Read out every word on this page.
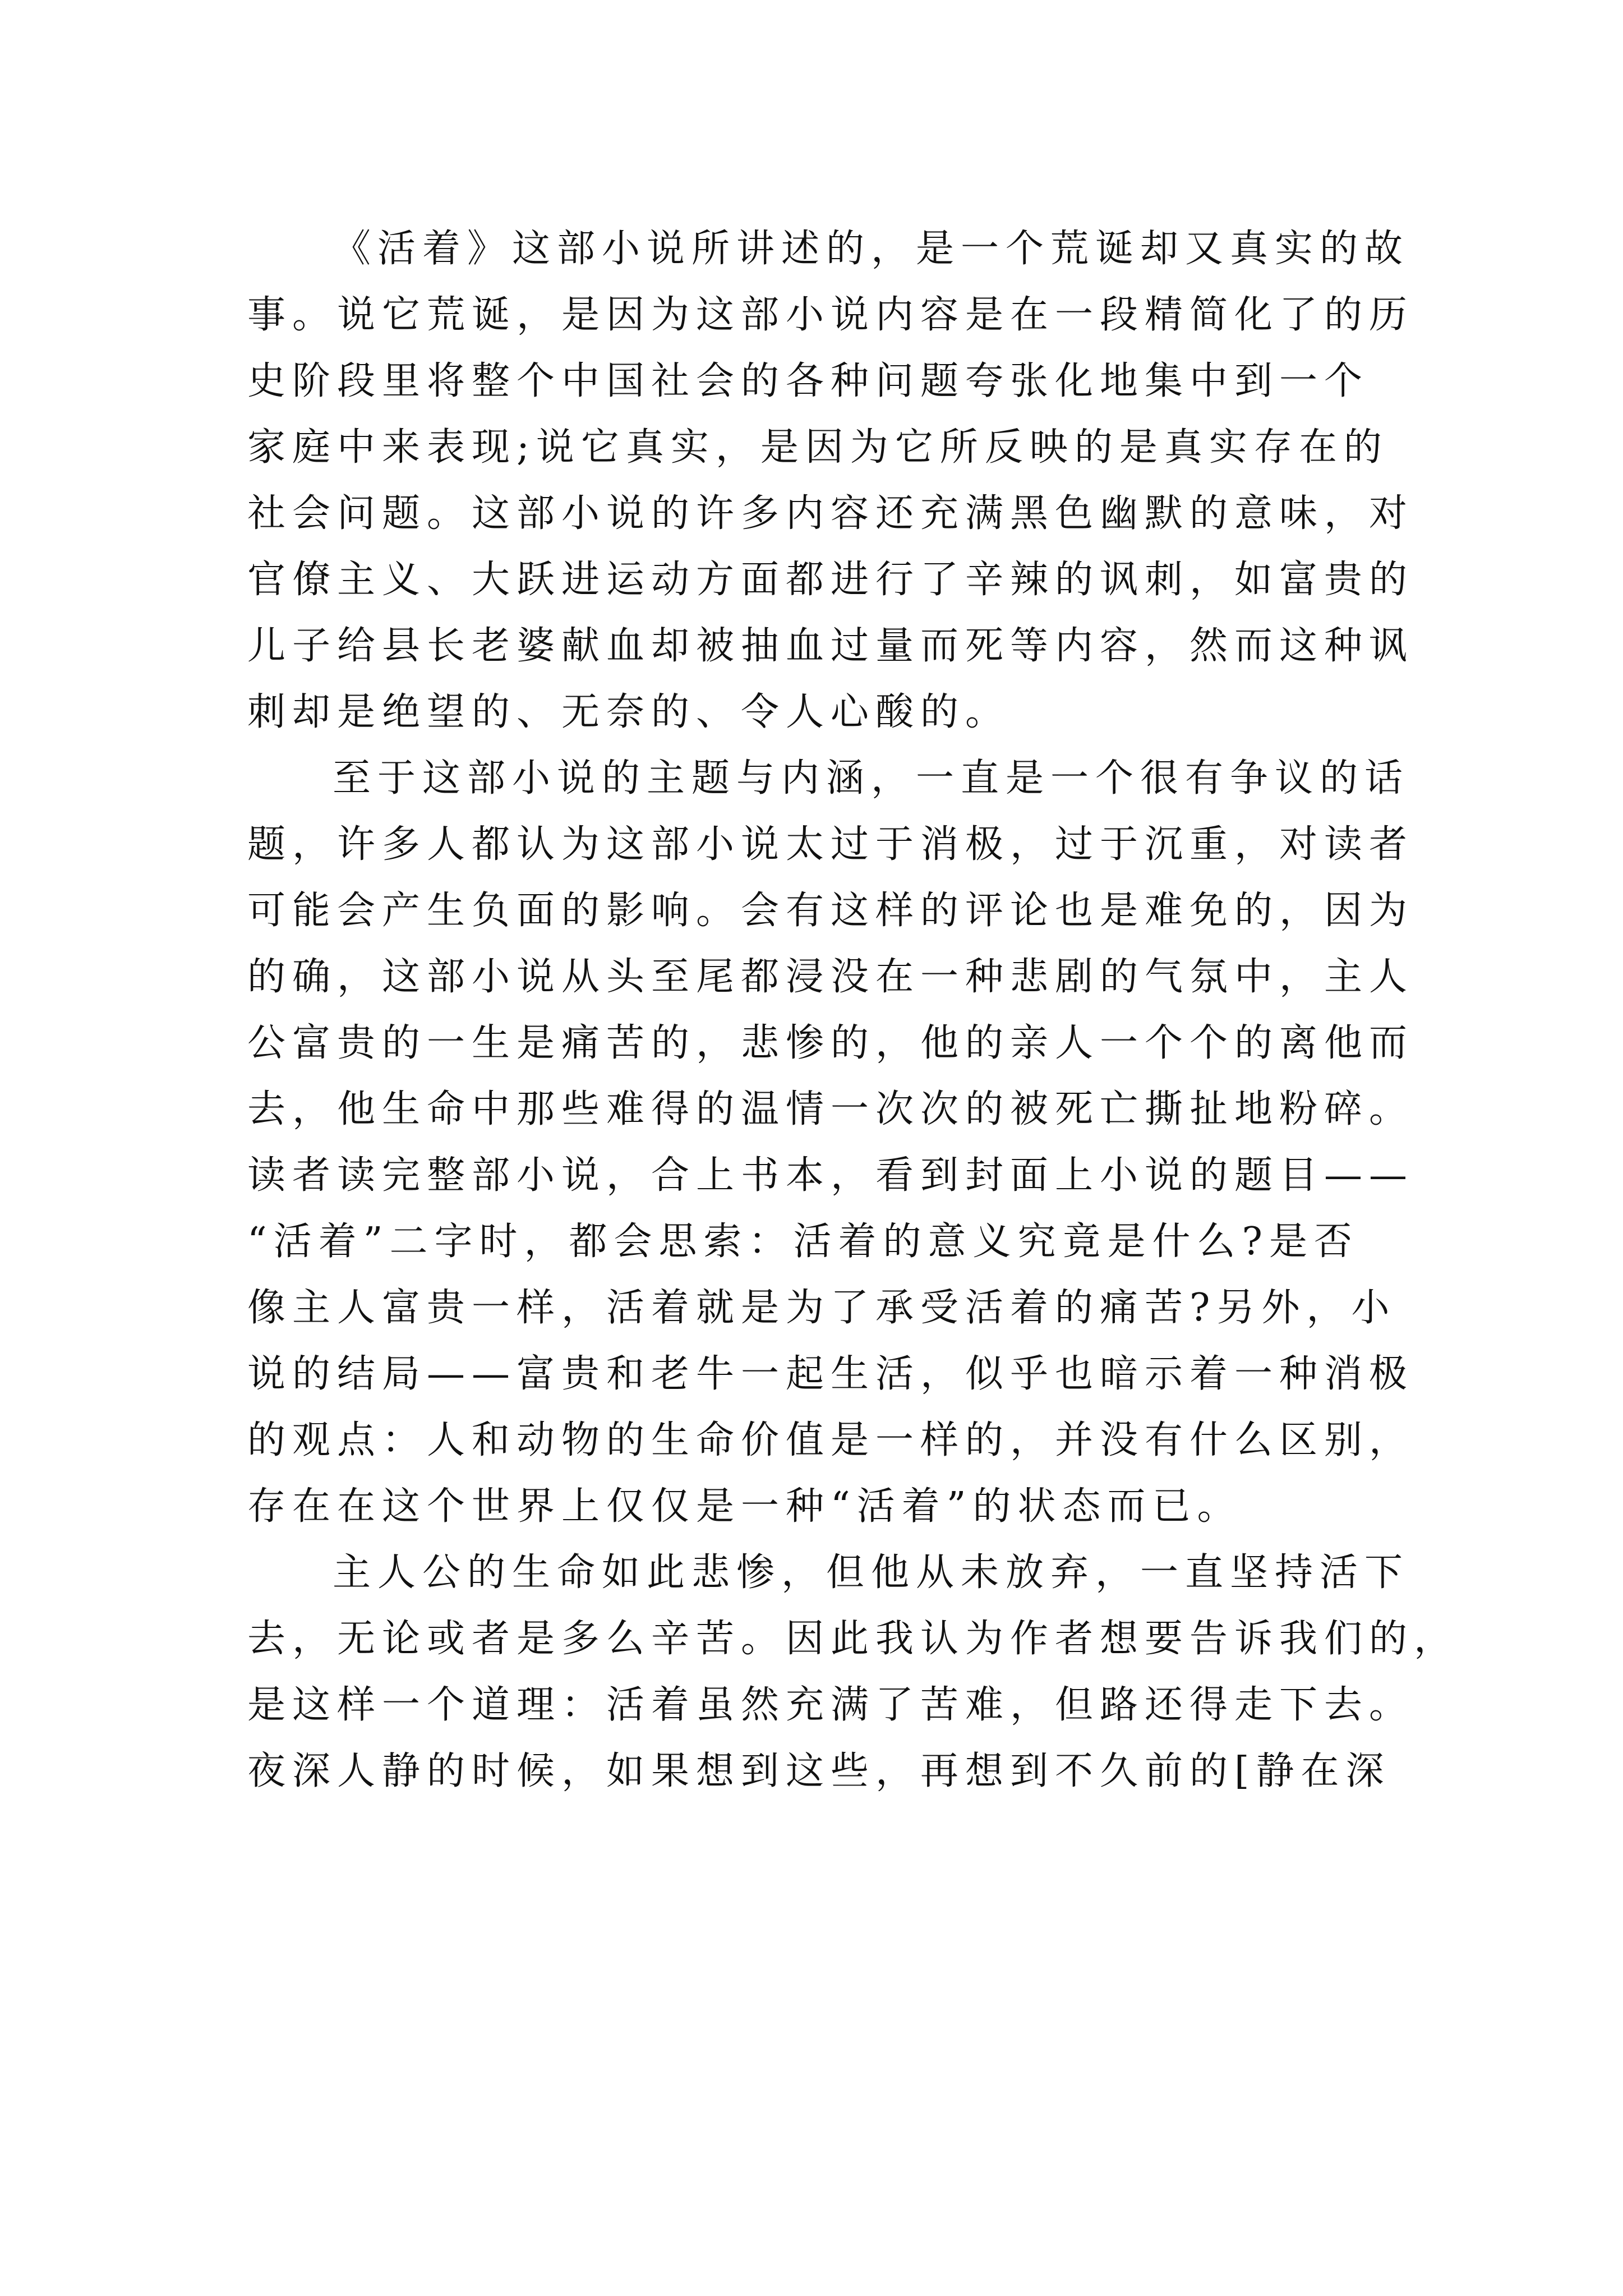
《活着》这部小说所讲述的，是一个荒诞却又真实的故
事。说它荒诞，是因为这部小说内容是在一段精简化了的历
史阶段里将整个中国社会的各种问题夸张化地集中到一个
家庭中来表现;说它真实，是因为它所反映的是真实存在的
社会问题。这部小说的许多内容还充满黑色幽默的意味，对
官僚主义、大跃进运动方面都进行了辛辣的讽刺，如富贵的
儿子给县长老婆献血却被抽血过量而死等内容，然而这种讽
刺却是绝望的、无奈的、令人心酸的。
至于这部小说的主题与内涵，一直是一个很有争议的话
题，许多人都认为这部小说太过于消极，过于沉重，对读者
可能会产生负面的影响。会有这样的评论也是难免的，因为
的确，这部小说从头至尾都浸没在一种悲剧的气氛中，主人
公富贵的一生是痛苦的，悲惨的，他的亲人一个个的离他而
去，他生命中那些难得的温情一次次的被死亡撕扯地粉碎。
读者读完整部小说，合上书本，看到封面上小说的题目——
“活着”二字时，都会思索：活着的意义究竟是什么?是否
像主人富贵一样，活着就是为了承受活着的痛苦?另外，小
说的结局——富贵和老牛一起生活，似乎也暗示着一种消极
的观点：人和动物的生命价值是一样的，并没有什么区别，
存在在这个世界上仅仅是一种“活着”的状态而已。
主人公的生命如此悲惨，但他从未放弃，一直坚持活下
去，无论或者是多么辛苦。因此我认为作者想要告诉我们的，
是这样一个道理：活着虽然充满了苦难，但路还得走下去。
夜深人静的时候，如果想到这些，再想到不久前的[静在深
